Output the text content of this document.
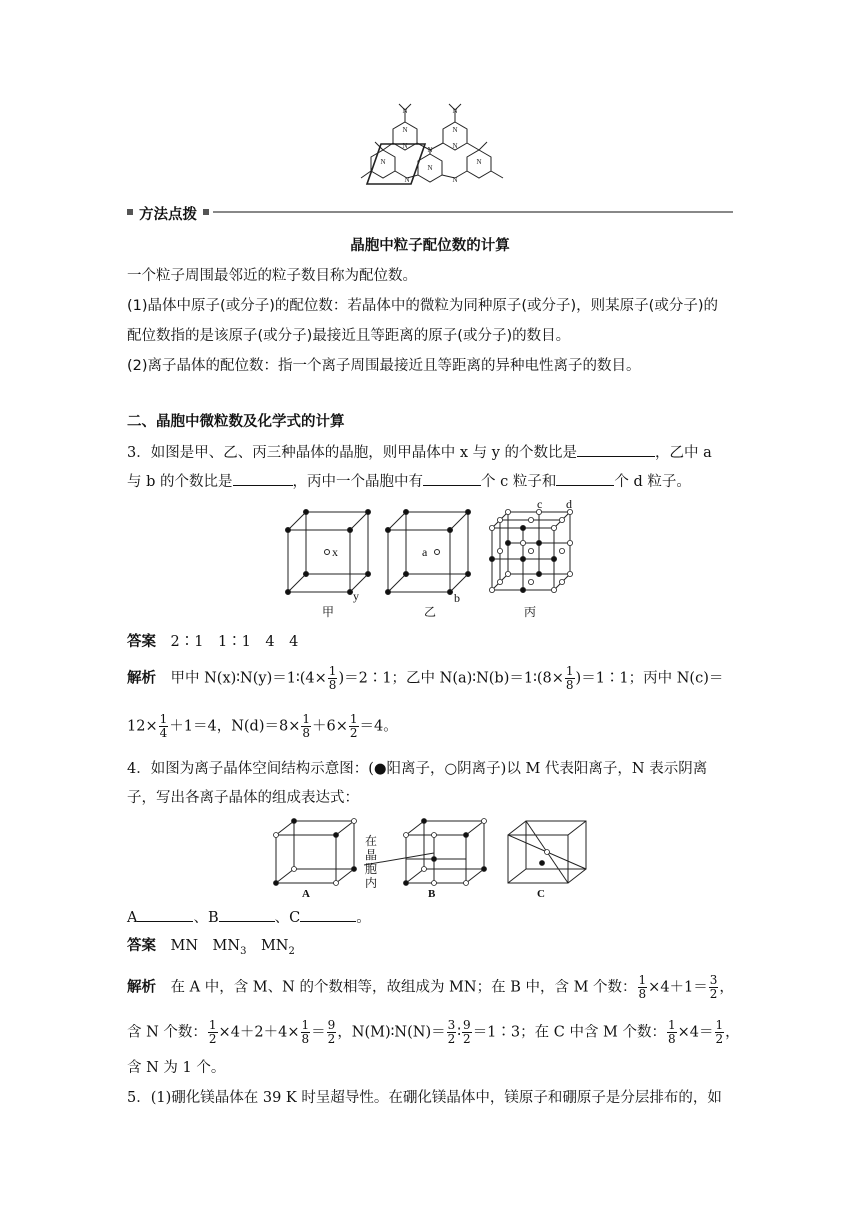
N
N
N
N
N
N
N
N
N	N
N	N
方法点拨
晶胞中粒子配位数的计算
一个粒子周围最邻近的粒子数目称为配位数。
(1)晶体中原子(或分子)的配位数：若晶体中的微粒为同种原子(或分子)，则某原子(或分子)的
配位数指的是该原子(或分子)最接近且等距离的原子(或分子)的数目。
(2)离子晶体的配位数：指一个离子周围最接近且等距离的异种电性离子的数目。
二、晶胞中微粒数及化学式的计算
3．如图是甲、乙、丙三种晶体的晶胞，则甲晶体中 x 与 y 的个数比是	，乙中 a
与 b 的个数比是	，丙中一个晶胞中有	个 c 粒子和	个 d 粒子。
x
y
a
b
c d
甲	乙	丙
答案　 2∶1　1∶1　4　4
解析　 甲中 N(x)∶N(y)＝1∶(4× $\frac{1}{8}$ )＝2∶1；乙中 N(a)∶N(b)＝1∶(8× $\frac{1}{8}$ )＝1∶1；丙中 N(c)＝
$12\times \frac{1}{4} +1=4$，$N(d)=8\times \frac{1}{8} +6\times \frac{1}{2} =4$。
4．如图为离子晶体空间结构示意图：(●阳离子，○阴离子)以 M 代表阳离子，N 表示阴离
子，写出各离子晶体的组成表达式：
A	B	C
在
晶
胞
内
A	、B	、C	。
答案　 MN　$MN_3$　$MN_2$
解析　 在 A 中，含 M、N 的个数相等，故组成为 MN；在 B 中，含 M 个数： $\frac{1}{8} \times 4+1= \frac{3}{2}$ ，
含 N 个数： $\frac{1}{2} \times 4+2+4\times \frac{1}{8} = \frac{9}{2}$ ，N(M)∶N(N)＝ $\frac{3}{2}$ ∶ $\frac{9}{2}$ ＝1∶3；在 C 中含 M 个数： $\frac{1}{8} \times 4= \frac{1}{2}$ ，
含 N 为 1 个。
5．(1)硼化镁晶体在 39 K 时呈超导性。在硼化镁晶体中，镁原子和硼原子是分层排布的，如
